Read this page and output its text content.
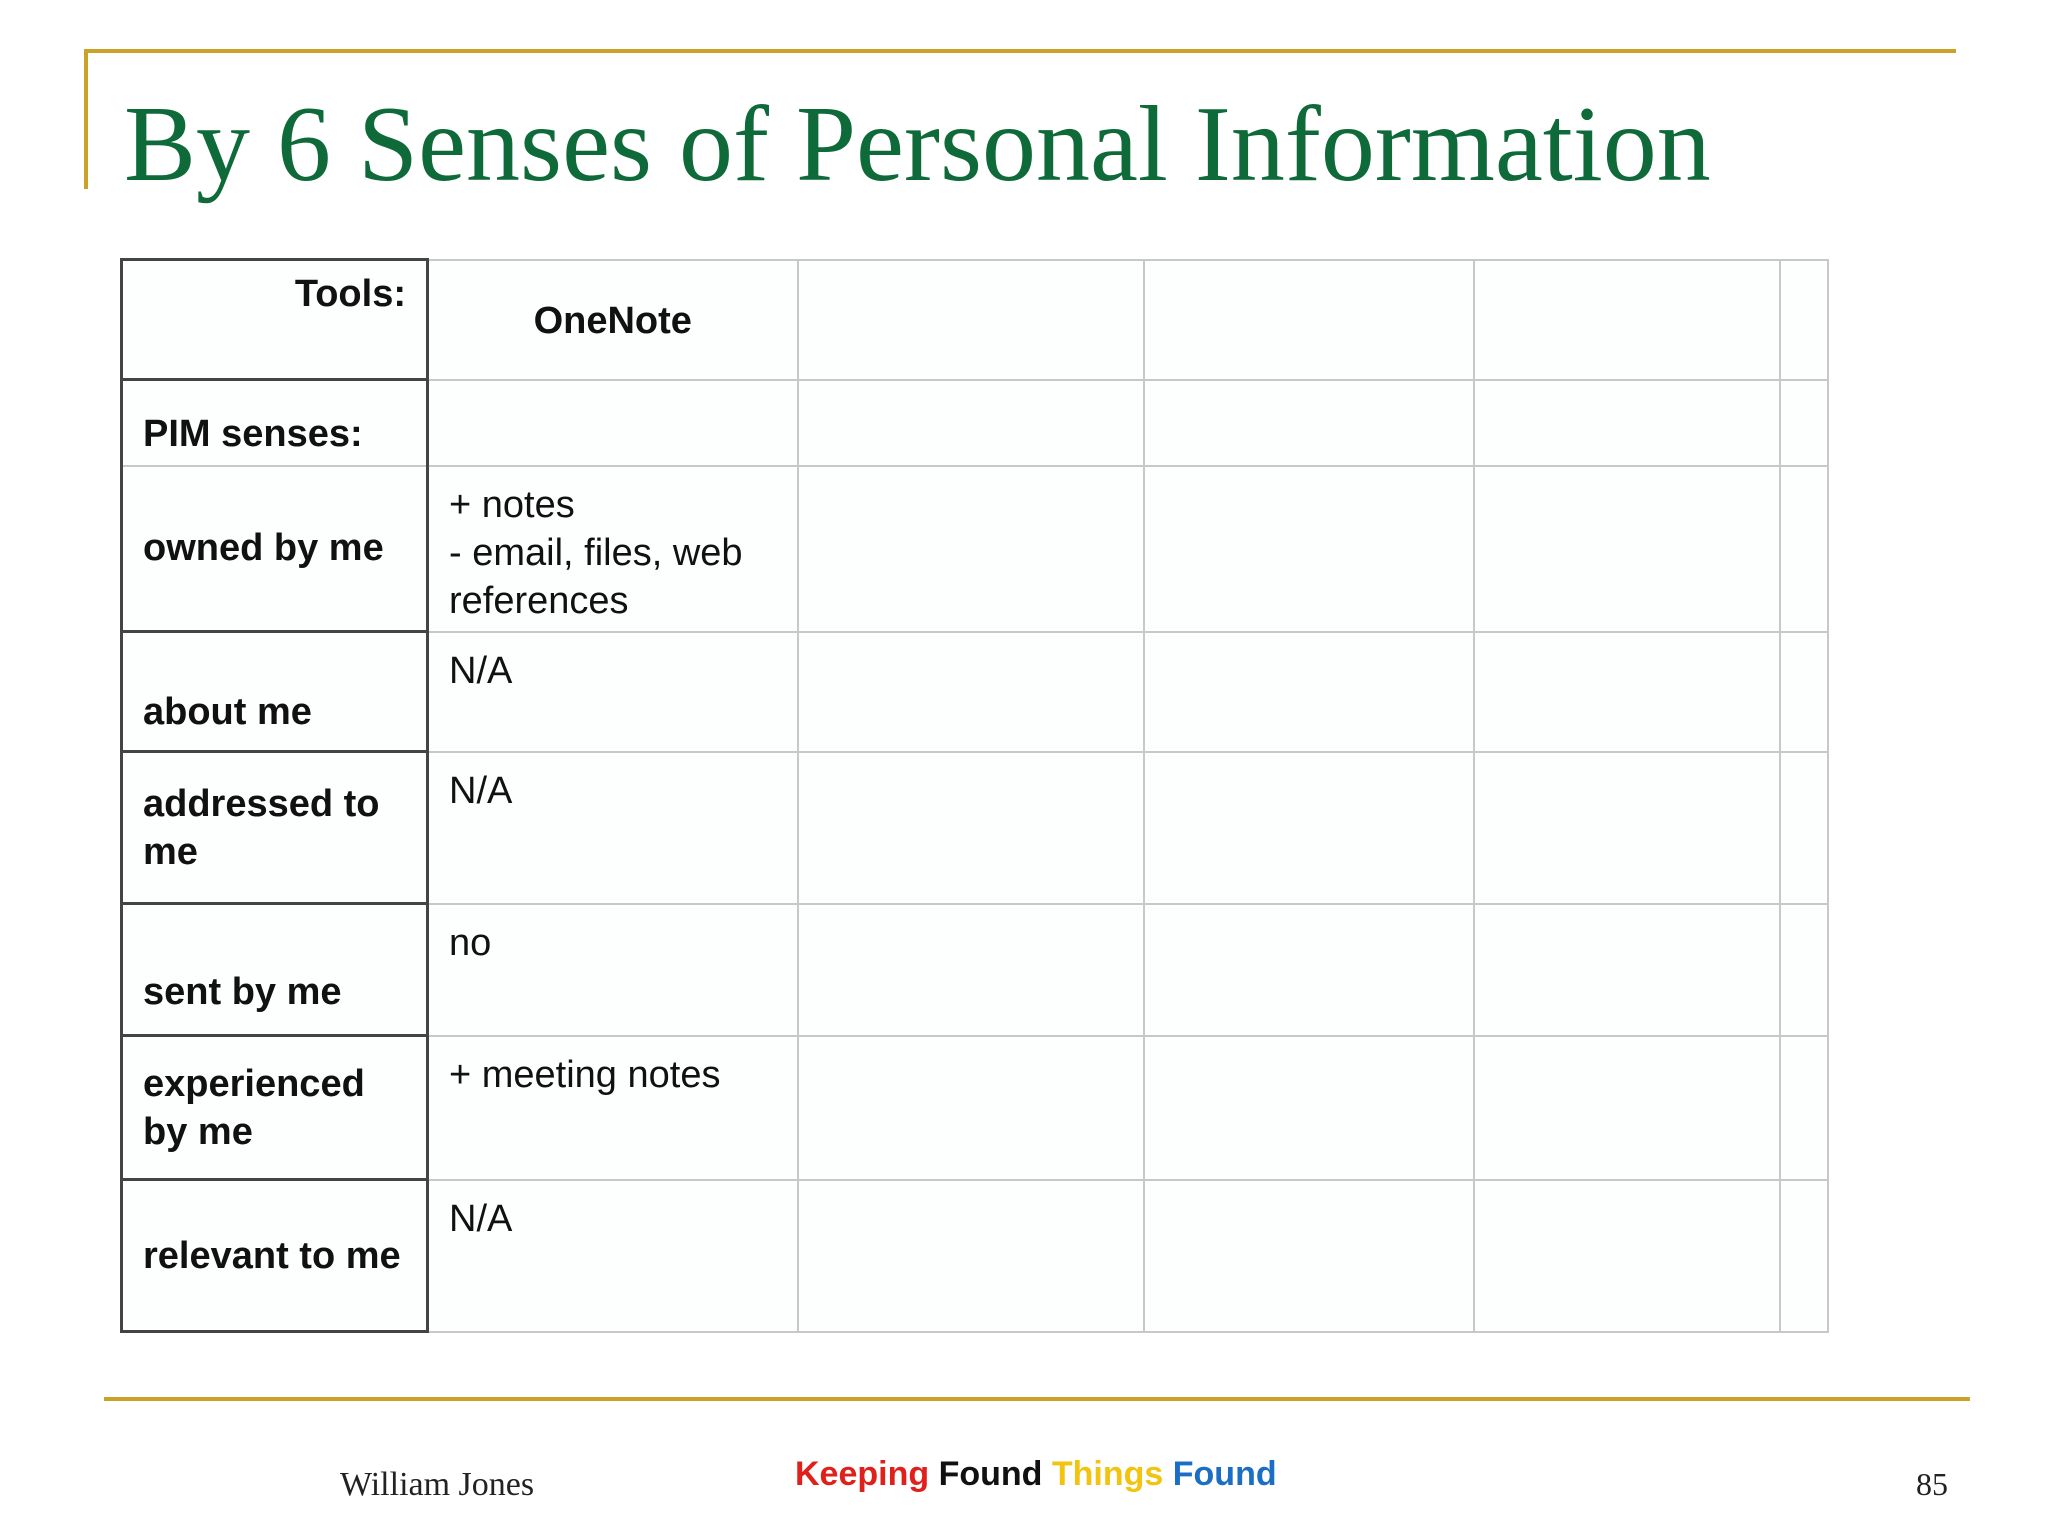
By 6 Senses of Personal Information
Tools:	OneNote				

PIM senses:					

owned by me	+ notes
- email, files, web references				

about me	N/A				

addressed to me	N/A				

sent by me	no				

experienced by me	+ meeting notes				

relevant to me	N/A				

William Jones	Keeping Found Things Found	85
